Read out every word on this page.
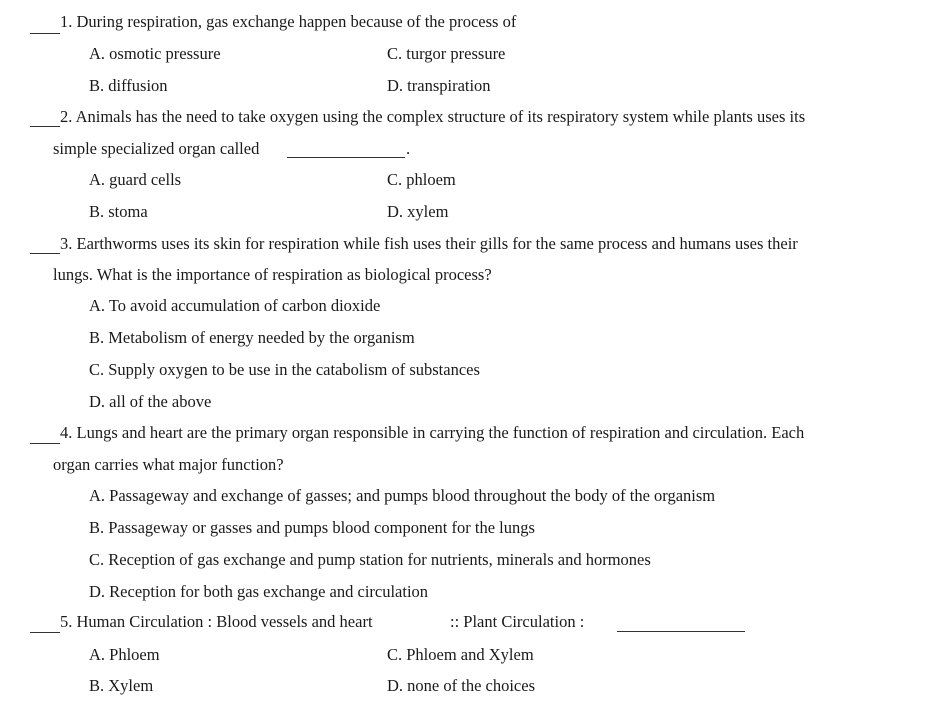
1. During respiration, gas exchange happen because of the process of
A. osmotic pressure	C. turgor pressure
B. diffusion	D. transpiration
2. Animals has the need to take oxygen using the complex structure of its respiratory system while plants uses its
simple specialized organ called	.
A. guard cells	C. phloem
B. stoma	D. xylem
3. Earthworms uses its skin for respiration while fish uses their gills for the same process and humans uses their
lungs. What is the importance of respiration as biological process?
A. To avoid accumulation of carbon dioxide
B. Metabolism of energy needed by the organism
C. Supply oxygen to be use in the catabolism of substances
D. all of the above
4. Lungs and heart are the primary organ responsible in carrying the function of respiration and circulation. Each
organ carries what major function?
A. Passageway and exchange of gasses; and pumps blood throughout the body of the organism
B. Passageway or gasses and pumps blood component for the lungs
C. Reception of gas exchange and pump station for nutrients, minerals and hormones
D. Reception for both gas exchange and circulation
5. Human Circulation : Blood vessels and heart	:: Plant Circulation :
A. Phloem	C. Phloem and Xylem
B. Xylem	D. none of the choices
